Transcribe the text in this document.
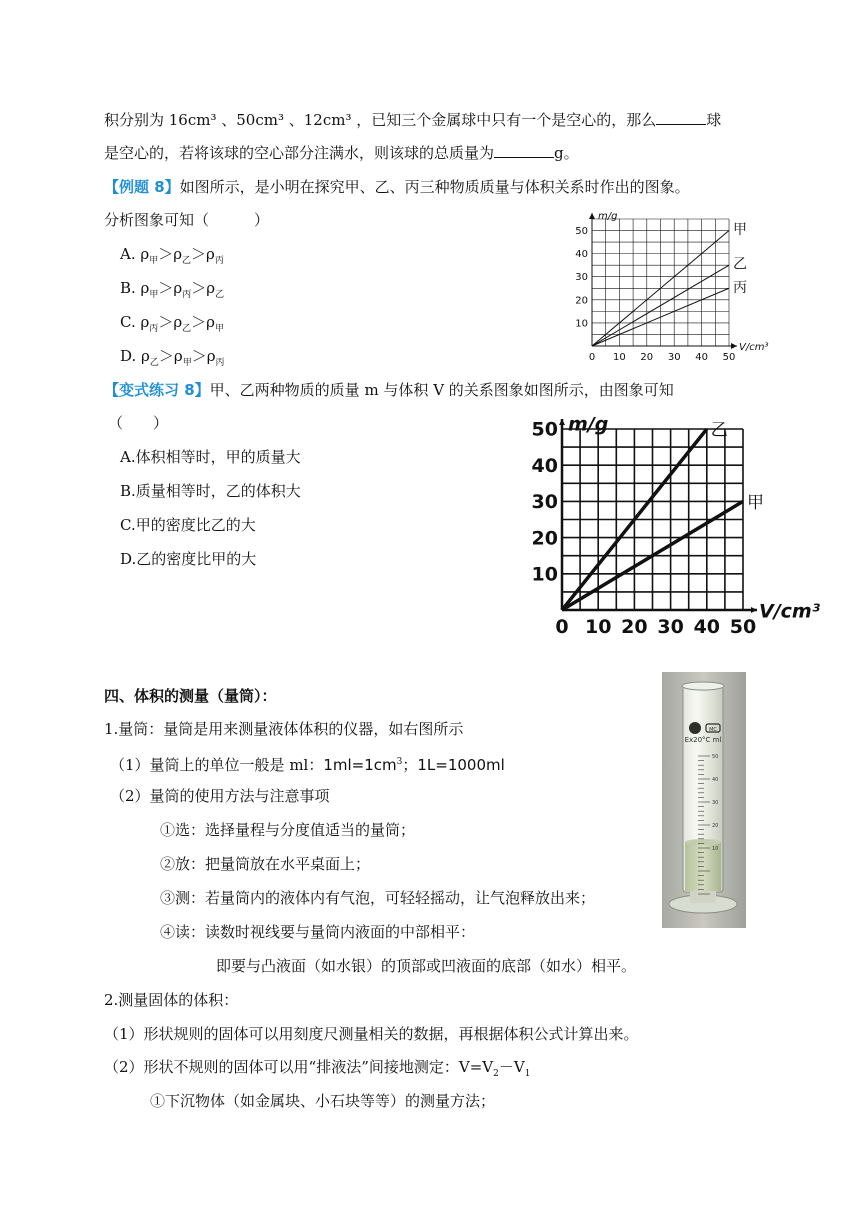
积分别为 16cm³ 、50cm³ 、12cm³ ，已知三个金属球中只有一个是空心的，那么	球
是空心的，若将该球的空心部分注满水，则该球的总质量为	g。
【例题 8】如图所示，是小明在探究甲、乙、丙三种物质质量与体积关系时作出的图象。
分析图象可知（　　　）
A. $\rho_甲>\rho_乙>\rho_丙$
B. $\rho_甲>\rho_丙>\rho_乙$
C. $\rho_丙>\rho_乙>\rho_甲$
D. $\rho_乙>\rho_甲>\rho_丙$	0 10 20 30 40 50
10
20
30
40
50
V/cm³
m/g
甲
乙
丙
【变式练习 8】甲、乙两种物质的质量 m 与体积 V 的关系图象如图所示，由图象可知
（　　）
A.体积相等时，甲的质量大
B.质量相等时，乙的体积大
C.甲的密度比乙的大
D.乙的密度比甲的大
0 10 20 30 40 50
10
20
30
40
50
V/cm³
m/g	乙
甲
四、体积的测量（量筒）：
1.量筒：量筒是用来测量液体体积的仪器，如右图所示
（1）量筒上的单位一般是 ml：$1ml=1cm^3$；1L=1000ml
（2）量筒的使用方法与注意事项
①选：选择量程与分度值适当的量筒；
②放：把量筒放在水平桌面上；
③测：若量筒内的液体内有气泡，可轻轻摇动，让气泡释放出来；
④读：读数时视线要与量筒内液面的中部相平：
即要与凸液面（如水银）的顶部或凹液面的底部（如水）相平。
2.测量固体的体积：
（1）形状规则的固体可以用刻度尺测量相关的数据，再根据体积公式计算出来。
（2）形状不规则的固体可以用“排液法”间接地测定：$V=V_2-V_1$
①下沉物体（如金属块、小石块等等）的测量方法；
MC
Ex20°C ml
50
40
30
20
10
